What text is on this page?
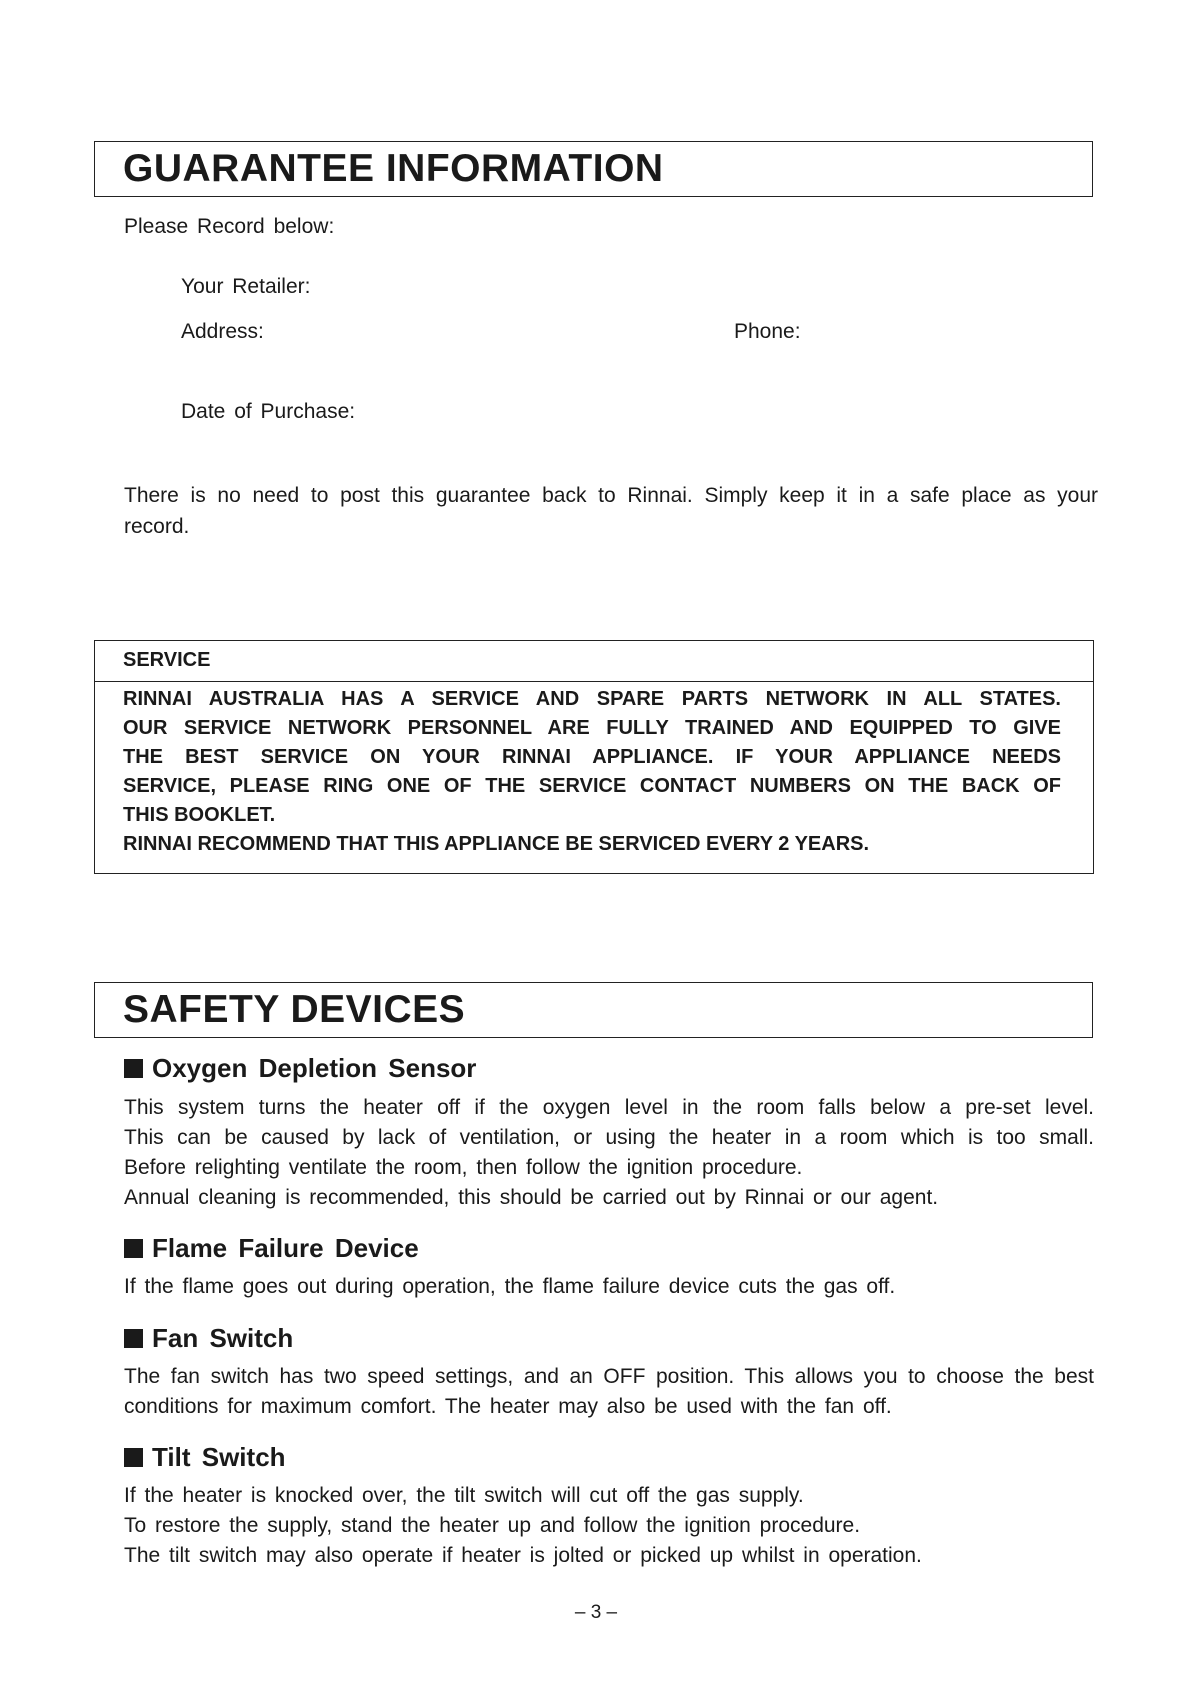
GUARANTEE INFORMATION
Please Record below:
Your Retailer:
Address:	Phone:
Date of Purchase:
There is no need to post this guarantee back to Rinnai. Simply keep it in a safe place as your
record.
SERVICE
RINNAI AUSTRALIA HAS A SERVICE AND SPARE PARTS NETWORK IN ALL STATES.
OUR SERVICE NETWORK PERSONNEL ARE FULLY TRAINED AND EQUIPPED TO GIVE
THE BEST SERVICE ON YOUR RINNAI APPLIANCE. IF YOUR APPLIANCE NEEDS
SERVICE, PLEASE RING ONE OF THE SERVICE CONTACT NUMBERS ON THE BACK OF
THIS BOOKLET.
RINNAI RECOMMEND THAT THIS APPLIANCE BE SERVICED EVERY 2 YEARS.
SAFETY DEVICES
Oxygen Depletion Sensor
This system turns the heater off if the oxygen level in the room falls below a pre-set level.
This can be caused by lack of ventilation, or using the heater in a room which is too small.
Before relighting ventilate the room, then follow the ignition procedure.
Annual cleaning is recommended, this should be carried out by Rinnai or our agent.
Flame Failure Device
If the flame goes out during operation, the flame failure device cuts the gas off.
Fan Switch
The fan switch has two speed settings, and an OFF position. This allows you to choose the best
conditions for maximum comfort. The heater may also be used with the fan off.
Tilt Switch
If the heater is knocked over, the tilt switch will cut off the gas supply.
To restore the supply, stand the heater up and follow the ignition procedure.
The tilt switch may also operate if heater is jolted or picked up whilst in operation.
– 3 –
